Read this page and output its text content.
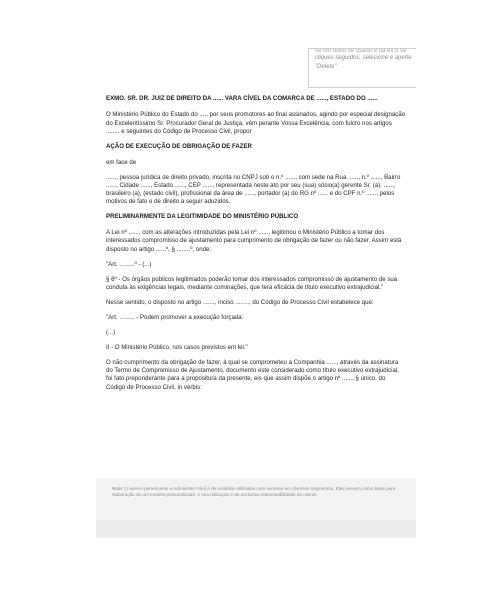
se um texto se usado e da ex o se
cliques seguidos, selecione e aperte "Delete"

EXMO. SR. DR. JUIZ DE DIREITO DA ...... VARA CÍVEL DA COMARCA DE ......, ESTADO DO ......

O Ministério Público do Estado do ...., por seus promotores ao final assinados, agindo por especial designação do Excelentíssimo Sr. Procurador Geral de Justiça, vêm perante Vossa Excelência, com fulcro nos artigos ........ e seguintes do Código de Processo Civil, propor

AÇÃO DE EXECUÇÃO DE OBRIGAÇÃO DE FAZER

em face de

......, pessoa jurídica de direito privado, inscrita no CNPJ sob o n.º ......, com sede na Rua ......, n.º ......, Bairro ......, Cidade ......, Estado ......, CEP ......, representada neste ato por seu (sua) sócio(a) gerente Sr. (a). ......, brasileiro (a), (estado civil), profissional da área de ......, portador (a) do RG nº ...... e do CPF n.º ......, pelos motivos de fato e de direito a seguir aduzidos.

PRELIMINARMENTE DA LEGITIMIDADE DO MINISTÉRIO PÚBLICO

A Lei nº ......, com as alterações introduzidas pela Lei nº ......, legitimou o Ministério Público a tomar dos interessados compromisso de ajustamento para cumprimento de obrigação de fazer ou não fazer. Assim está disposto no artigo ......º, § ........º, onde:

"Art. .........º - (...)

§ 6º - Os órgãos públicos legitimados poderão tomar dos interessados compromisso de ajustamento de sua conduta às exigências legais, mediante cominações, que terá eficácia de título executivo extrajudicial."

Nesse sentido, o disposto no artigo ......., inciso ........, do Código de Processo Civil estabelece que:

"Art. ......... - Podem promover a execução forçada:

(...)

II - O Ministério Público, nos casos previstos em lei."

O não cumprimento da obrigação de fazer, à qual se comprometeu a Companhia ......, através da assinatura do Termo de Compromisso de Ajustamento, documento este considerado como título executivo extrajudicial, foi fato preponderante para a propositura da presente, eis que assim dispõe o artigo nº ......, § único, do Código de Processo Civil, in verbis:

Nota: O acervo pertencente a Administre Fácil é de modelos utilizados com sucesso em diversos segmentos. Eles servem como base para elaboração de um modelo personalizado, e sua utilização é de exclusiva responsabilidade do cliente.
